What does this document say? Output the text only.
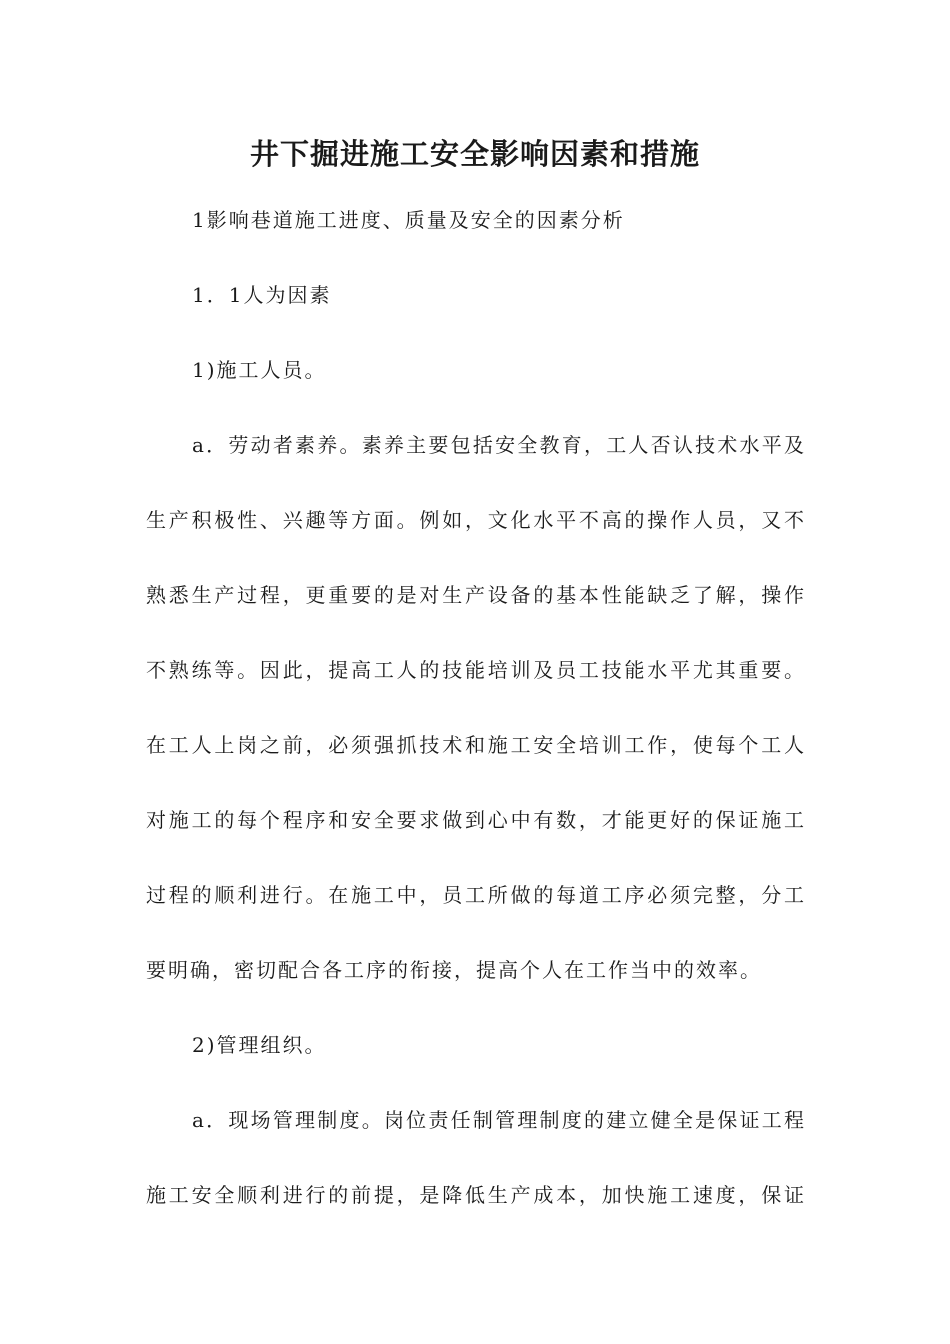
井下掘进施工安全影响因素和措施

1影响巷道施工进度、质量及安全的因素分析

1．1人为因素

1)施工人员。

a．劳动者素养。素养主要包括安全教育，工人否认技术水平及

生产积极性、兴趣等方面。例如，文化水平不高的操作人员，又不

熟悉生产过程，更重要的是对生产设备的基本性能缺乏了解，操作

不熟练等。因此，提高工人的技能培训及员工技能水平尤其重要。

在工人上岗之前，必须强抓技术和施工安全培训工作，使每个工人

对施工的每个程序和安全要求做到心中有数，才能更好的保证施工

过程的顺利进行。在施工中，员工所做的每道工序必须完整，分工

要明确，密切配合各工序的衔接，提高个人在工作当中的效率。

2)管理组织。

a．现场管理制度。岗位责任制管理制度的建立健全是保证工程

施工安全顺利进行的前提，是降低生产成本，加快施工速度，保证
